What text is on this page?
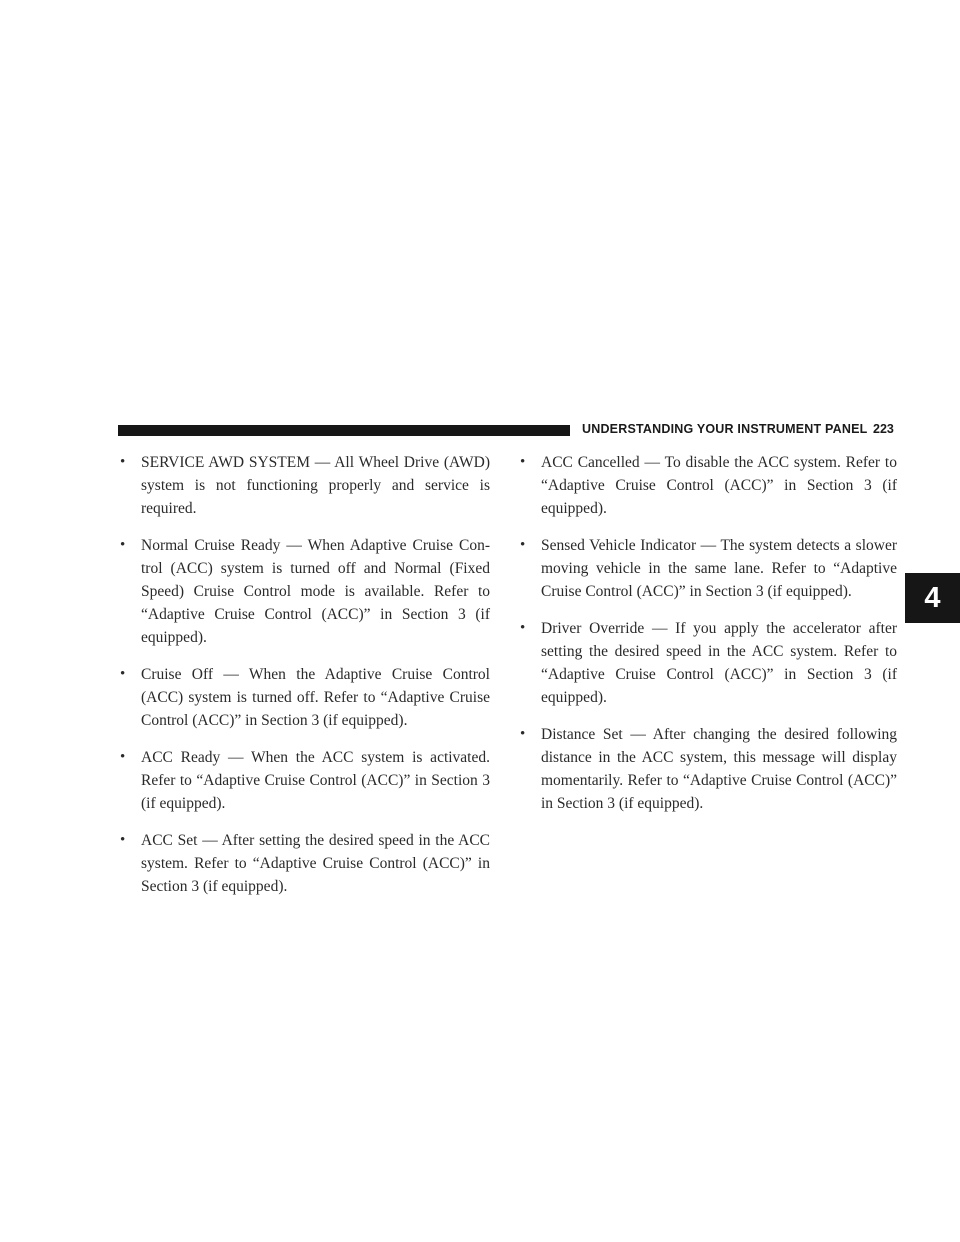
UNDERSTANDING YOUR INSTRUMENT PANEL 223
4
• SERVICE AWD SYSTEM — All Wheel Drive (AWD) system is not functioning properly and service is required.
• Normal Cruise Ready — When Adaptive Cruise Con-trol (ACC) system is turned off and Normal (Fixed Speed) Cruise Control mode is available. Refer to “Adaptive Cruise Control (ACC)” in Section 3 (if equipped).
• Cruise Off — When the Adaptive Cruise Control (ACC) system is turned off. Refer to “Adaptive Cruise Control (ACC)” in Section 3 (if equipped).
• ACC Ready — When the ACC system is activated. Refer to “Adaptive Cruise Control (ACC)” in Section 3 (if equipped).
• ACC Set — After setting the desired speed in the ACC system. Refer to “Adaptive Cruise Control (ACC)” in Section 3 (if equipped).
• ACC Cancelled — To disable the ACC system. Refer to “Adaptive Cruise Control (ACC)” in Section 3 (if equipped).
• Sensed Vehicle Indicator — The system detects a slower moving vehicle in the same lane. Refer to “Adaptive Cruise Control (ACC)” in Section 3 (if equipped).
• Driver Override — If you apply the accelerator after setting the desired speed in the ACC system. Refer to “Adaptive Cruise Control (ACC)” in Section 3 (if equipped).
• Distance Set — After changing the desired following distance in the ACC system, this message will display momentarily. Refer to “Adaptive Cruise Control (ACC)” in Section 3 (if equipped).
